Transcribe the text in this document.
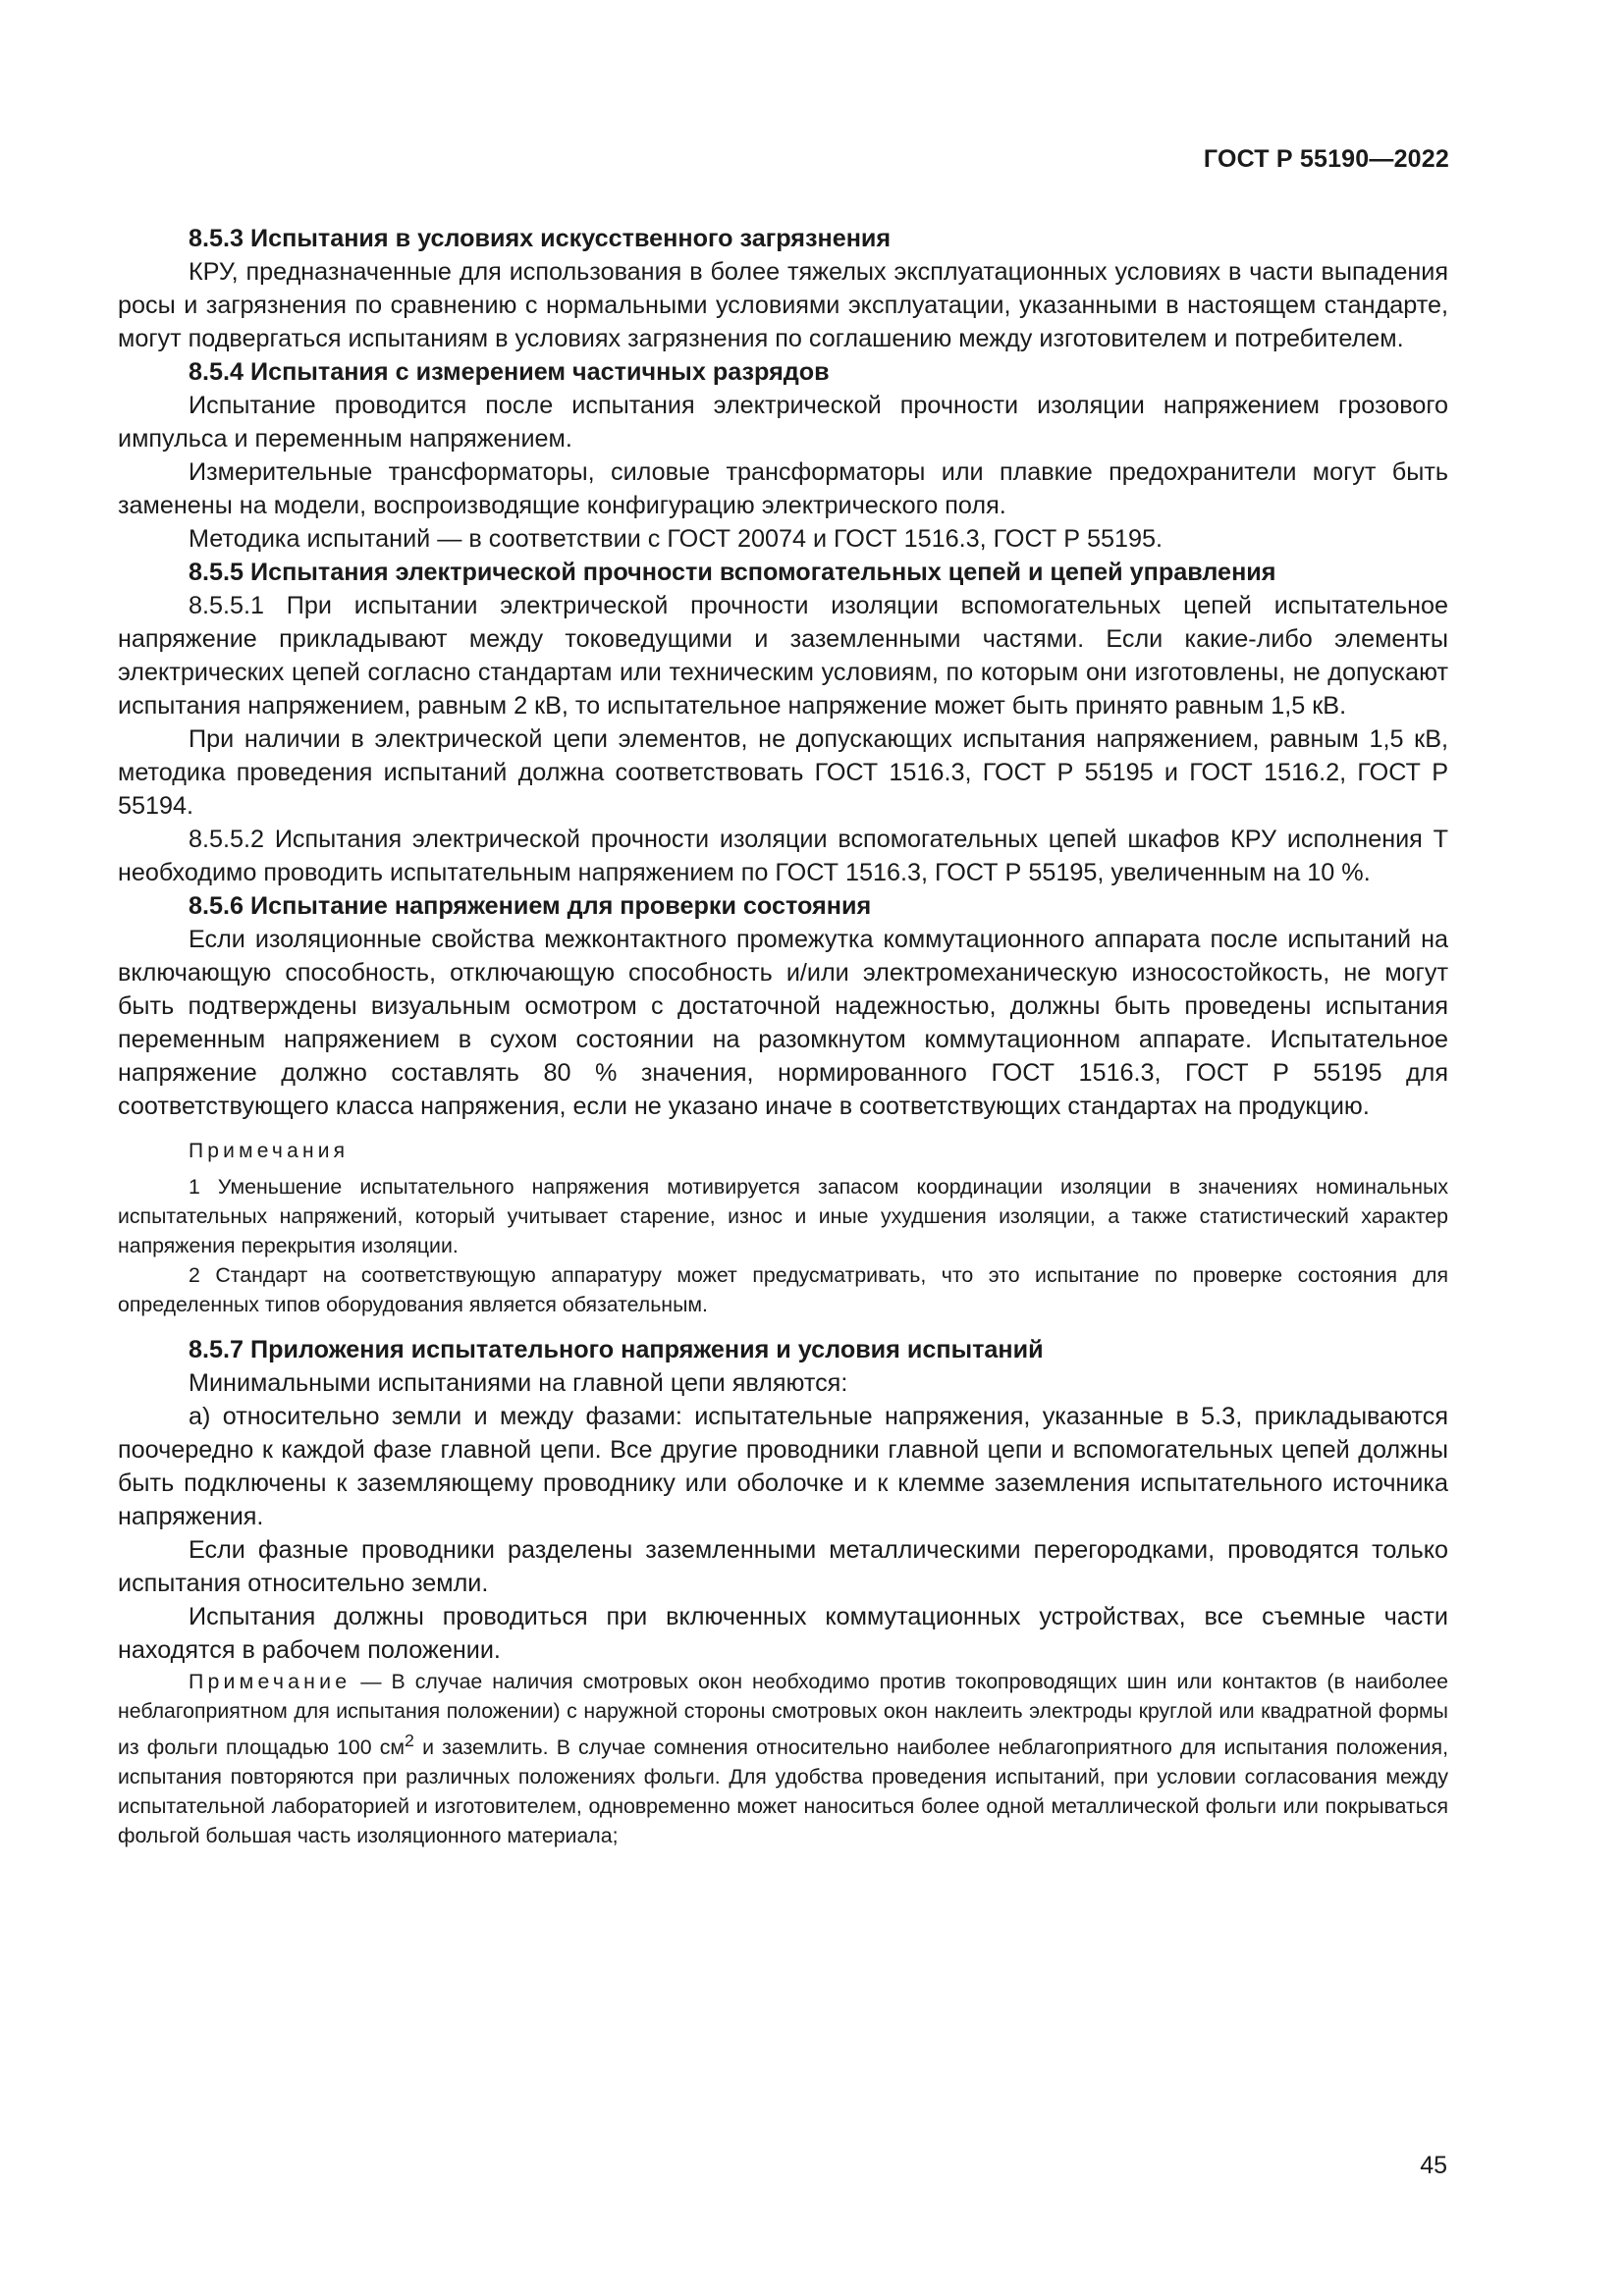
ГОСТ Р 55190—2022
8.5.3 Испытания в условиях искусственного загрязнения

КРУ, предназначенные для использования в более тяжелых эксплуатационных условиях в части выпадения росы и загрязнения по сравнению с нормальными условиями эксплуатации, указанными в настоящем стандарте, могут подвергаться испытаниям в условиях загрязнения по соглашению между изготовителем и потребителем.

8.5.4 Испытания с измерением частичных разрядов

Испытание проводится после испытания электрической прочности изоляции напряжением грозового импульса и переменным напряжением.

Измерительные трансформаторы, силовые трансформаторы или плавкие предохранители могут быть заменены на модели, воспроизводящие конфигурацию электрического поля.

Методика испытаний — в соответствии с ГОСТ 20074 и ГОСТ 1516.3, ГОСТ Р 55195.

8.5.5 Испытания электрической прочности вспомогательных цепей и цепей управления

8.5.5.1 При испытании электрической прочности изоляции вспомогательных цепей испытательное напряжение прикладывают между токоведущими и заземленными частями. Если какие-либо элементы электрических цепей согласно стандартам или техническим условиям, по которым они изготовлены, не допускают испытания напряжением, равным 2 кВ, то испытательное напряжение может быть принято равным 1,5 кВ.

При наличии в электрической цепи элементов, не допускающих испытания напряжением, равным 1,5 кВ, методика проведения испытаний должна соответствовать ГОСТ 1516.3, ГОСТ Р 55195 и ГОСТ 1516.2, ГОСТ Р 55194.

8.5.5.2 Испытания электрической прочности изоляции вспомогательных цепей шкафов КРУ исполнения Т необходимо проводить испытательным напряжением по ГОСТ 1516.3, ГОСТ Р 55195, увеличенным на 10 %.

8.5.6 Испытание напряжением для проверки состояния

Если изоляционные свойства межконтактного промежутка коммутационного аппарата после испытаний на включающую способность, отключающую способность и/или электромеханическую износостойкость, не могут быть подтверждены визуальным осмотром с достаточной надежностью, должны быть проведены испытания переменным напряжением в сухом состоянии на разомкнутом коммутационном аппарате. Испытательное напряжение должно составлять 80 % значения, нормированного ГОСТ 1516.3, ГОСТ Р 55195 для соответствующего класса напряжения, если не указано иначе в соответствующих стандартах на продукцию.

Примечания

1 Уменьшение испытательного напряжения мотивируется запасом координации изоляции в значениях номинальных испытательных напряжений, который учитывает старение, износ и иные ухудшения изоляции, а также статистический характер напряжения перекрытия изоляции.

2 Стандарт на соответствующую аппаратуру может предусматривать, что это испытание по проверке состояния для определенных типов оборудования является обязательным.

8.5.7 Приложения испытательного напряжения и условия испытаний

Минимальными испытаниями на главной цепи являются:

а) относительно земли и между фазами: испытательные напряжения, указанные в 5.3, прикладываются поочередно к каждой фазе главной цепи. Все другие проводники главной цепи и вспомогательных цепей должны быть подключены к заземляющему проводнику или оболочке и к клемме заземления испытательного источника напряжения.

Если фазные проводники разделены заземленными металлическими перегородками, проводятся только испытания относительно земли.

Испытания должны проводиться при включенных коммутационных устройствах, все съемные части находятся в рабочем положении.

Примечание — В случае наличия смотровых окон необходимо против токопроводящих шин или контактов (в наиболее неблагоприятном для испытания положении) с наружной стороны смотровых окон наклеить электроды круглой или квадратной формы из фольги площадью 100 $см^2$ и заземлить. В случае сомнения относительно наиболее неблагоприятного для испытания положения, испытания повторяются при различных положениях фольги. Для удобства проведения испытаний, при условии согласования между испытательной лабораторией и изготовителем, одновременно может наноситься более одной металлической фольги или покрываться фольгой большая часть изоляционного материала;

45
